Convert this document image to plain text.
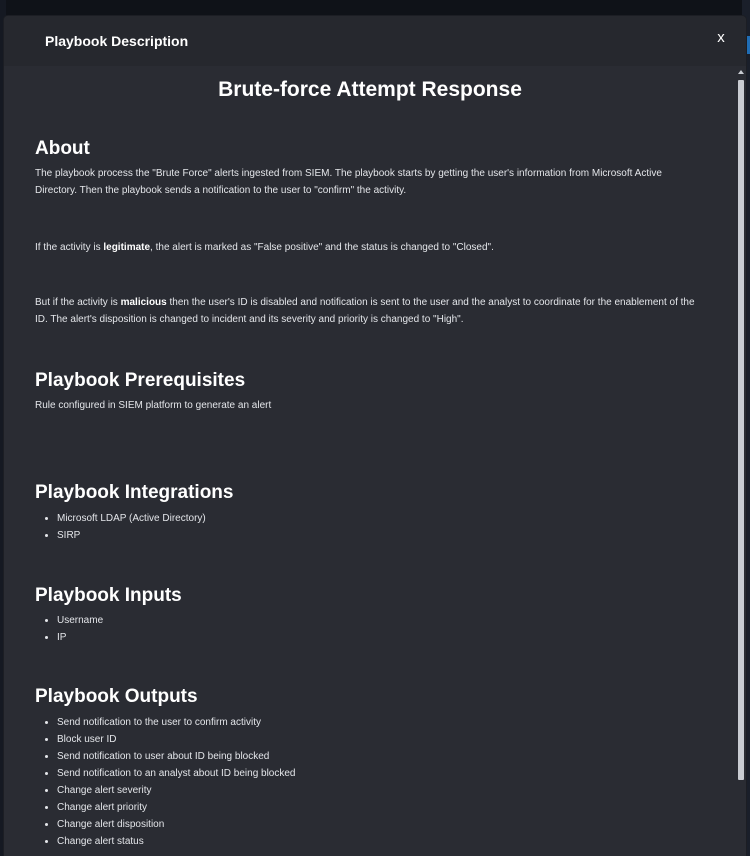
Playbook Description	x
Brute-force Attempt Response
About
The playbook process the "Brute Force" alerts ingested from SIEM. The playbook starts by getting the user's information from Microsoft Active Directory. Then the playbook sends a notification to the user to "confirm" the activity.
If the activity is legitimate, the alert is marked as "False positive" and the status is changed to "Closed".
But if the activity is malicious then the user's ID is disabled and notification is sent to the user and the analyst to coordinate for the enablement of the ID. The alert's disposition is changed to incident and its severity and priority is changed to "High".
Playbook Prerequisites
Rule configured in SIEM platform to generate an alert
Playbook Integrations
• Microsoft LDAP (Active Directory)
• SIRP
Playbook Inputs
• Username
• IP
Playbook Outputs
• Send notification to the user to confirm activity
• Block user ID
• Send notification to user about ID being blocked
• Send notification to an analyst about ID being blocked
• Change alert severity
• Change alert priority
• Change alert disposition
• Change alert status
